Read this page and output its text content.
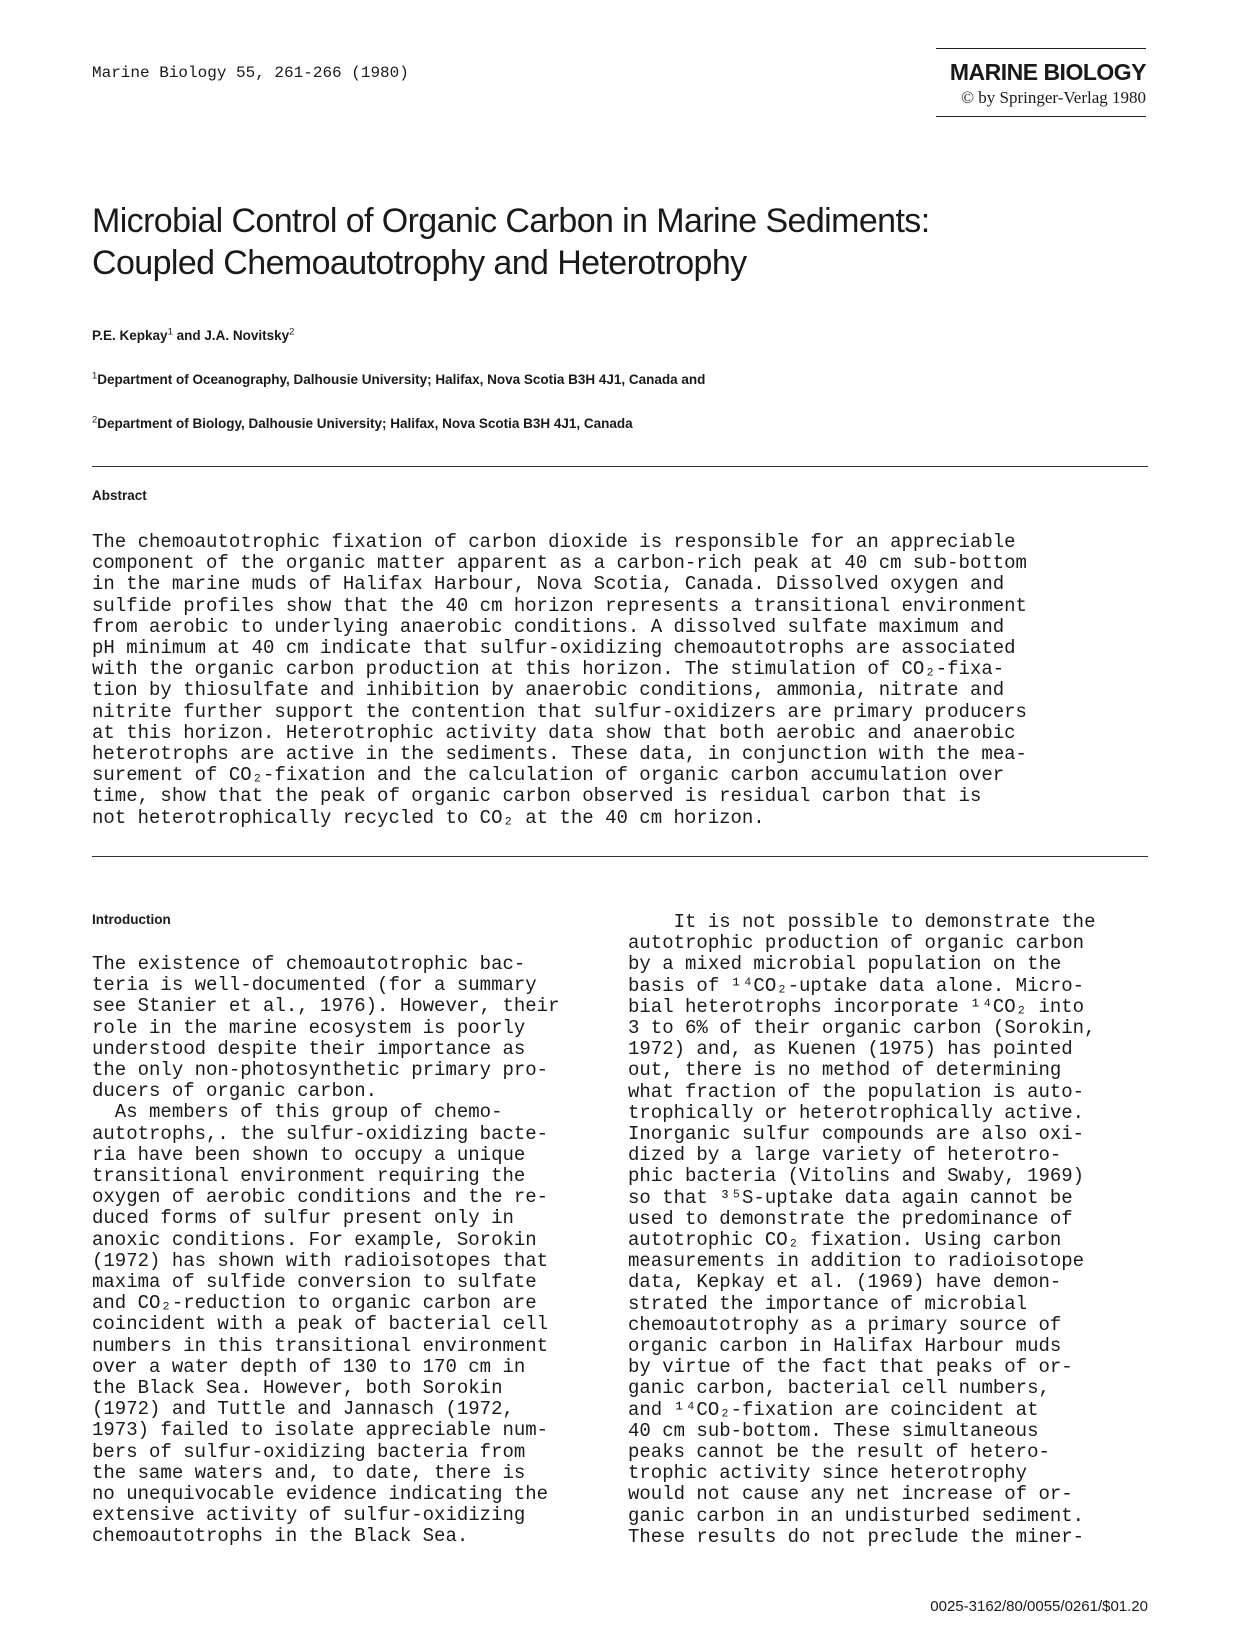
Marine Biology 55, 261-266 (1980)	MARINE BIOLOGY
© by Springer-Verlag 1980
Microbial Control of Organic Carbon in Marine Sediments:
Coupled Chemoautotrophy and Heterotrophy
P.E. Kepkay$^1$ and J.A. Novitsky$^2$
$^1$Department of Oceanography, Dalhousie University; Halifax, Nova Scotia B3H 4J1, Canada and
$^2$Department of Biology, Dalhousie University; Halifax, Nova Scotia B3H 4J1, Canada
Abstract
The chemoautotrophic fixation of carbon dioxide is responsible for an appreciable
component of the organic matter apparent as a carbon-rich peak at 40 cm sub-bottom
in the marine muds of Halifax Harbour, Nova Scotia, Canada. Dissolved oxygen and
sulfide profiles show that the 40 cm horizon represents a transitional environment
from aerobic to underlying anaerobic conditions. A dissolved sulfate maximum and
pH minimum at 40 cm indicate that sulfur-oxidizing chemoautotrophs are associated
with the organic carbon production at this horizon. The stimulation of CO₂-fixa-
tion by thiosulfate and inhibition by anaerobic conditions, ammonia, nitrate and
nitrite further support the contention that sulfur-oxidizers are primary producers
at this horizon. Heterotrophic activity data show that both aerobic and anaerobic
heterotrophs are active in the sediments. These data, in conjunction with the mea-
surement of CO₂-fixation and the calculation of organic carbon accumulation over
time, show that the peak of organic carbon observed is residual carbon that is
not heterotrophically recycled to CO₂ at the 40 cm horizon.
Introduction
The existence of chemoautotrophic bac-
teria is well-documented (for a summary
see Stanier et al., 1976). However, their
role in the marine ecosystem is poorly
understood despite their importance as
the only non-photosynthetic primary pro-
ducers of organic carbon.
As members of this group of chemo-
autotrophs,. the sulfur-oxidizing bacte-
ria have been shown to occupy a unique
transitional environment requiring the
oxygen of aerobic conditions and the re-
duced forms of sulfur present only in
anoxic conditions. For example, Sorokin
(1972) has shown with radioisotopes that
maxima of sulfide conversion to sulfate
and CO₂-reduction to organic carbon are
coincident with a peak of bacterial cell
numbers in this transitional environment
over a water depth of 130 to 170 cm in
the Black Sea. However, both Sorokin
(1972) and Tuttle and Jannasch (1972,
1973) failed to isolate appreciable num-
bers of sulfur-oxidizing bacteria from
the same waters and, to date, there is
no unequivocable evidence indicating the
extensive activity of sulfur-oxidizing
chemoautotrophs in the Black Sea.
It is not possible to demonstrate the
autotrophic production of organic carbon
by a mixed microbial population on the
basis of ¹⁴CO₂-uptake data alone. Micro-
bial heterotrophs incorporate ¹⁴CO₂ into
3 to 6% of their organic carbon (Sorokin,
1972) and, as Kuenen (1975) has pointed
out, there is no method of determining
what fraction of the population is auto-
trophically or heterotrophically active.
Inorganic sulfur compounds are also oxi-
dized by a large variety of heterotro-
phic bacteria (Vitolins and Swaby, 1969)
so that ³⁵S-uptake data again cannot be
used to demonstrate the predominance of
autotrophic CO₂ fixation. Using carbon
measurements in addition to radioisotope
data, Kepkay et al. (1969) have demon-
strated the importance of microbial
chemoautotrophy as a primary source of
organic carbon in Halifax Harbour muds
by virtue of the fact that peaks of or-
ganic carbon, bacterial cell numbers,
and ¹⁴CO₂-fixation are coincident at
40 cm sub-bottom. These simultaneous
peaks cannot be the result of hetero-
trophic activity since heterotrophy
would not cause any net increase of or-
ganic carbon in an undisturbed sediment.
These results do not preclude the miner-
0025-3162/80/0055/0261/$01.20
